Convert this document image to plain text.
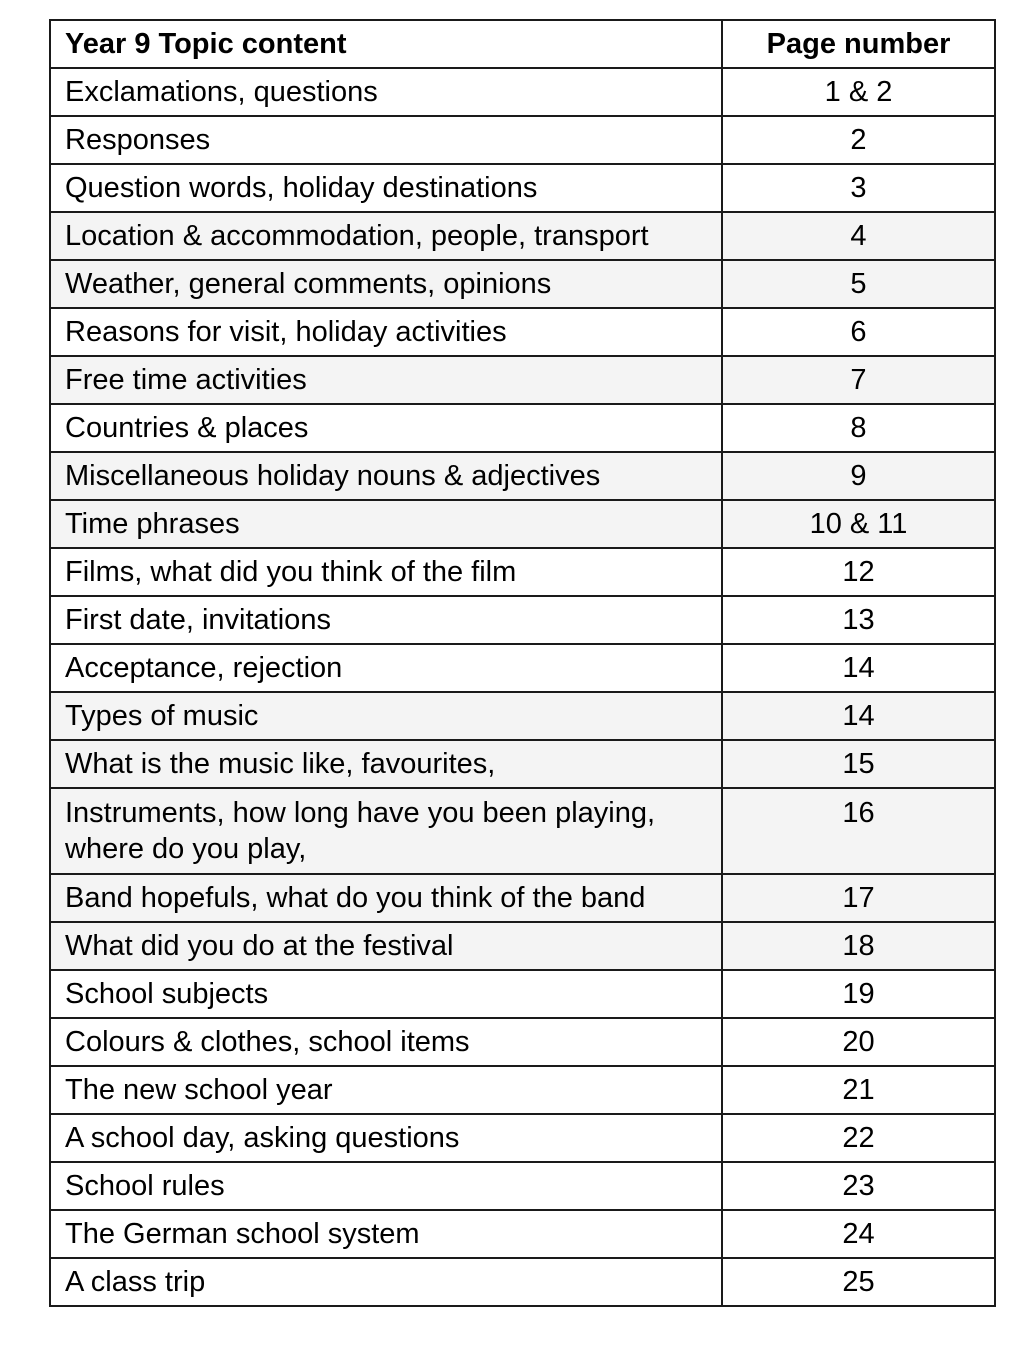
Year 9 Topic content	Page number
Exclamations, questions	1 & 2
Responses	2
Question words, holiday destinations	3
Location & accommodation, people, transport	4
Weather, general comments, opinions	5
Reasons for visit, holiday activities	6
Free time activities	7
Countries & places	8
Miscellaneous holiday nouns & adjectives	9
Time phrases	10 & 11
Films, what did you think of the film	12
First date, invitations	13
Acceptance, rejection	14
Types of music	14
What is the music like, favourites,	15
Instruments, how long have you been playing,
where do you play,	16
Band hopefuls, what do you think of the band	17
What did you do at the festival	18
School subjects	19
Colours & clothes, school items	20
The new school year	21
A school day, asking questions	22
School rules	23
The German school system	24
A class trip	25
